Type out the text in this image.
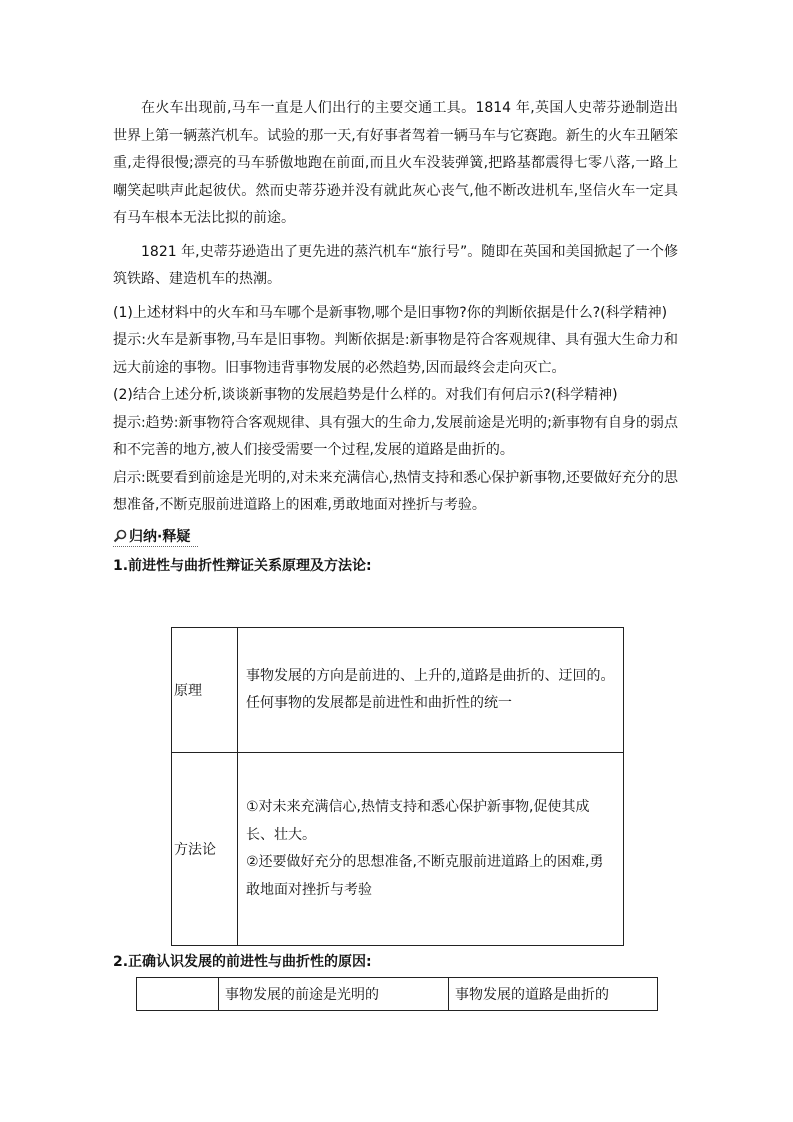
在火车出现前,马车一直是人们出行的主要交通工具。1814 年,英国人史蒂芬逊制造出世界上第一辆蒸汽机车。试验的那一天,有好事者驾着一辆马车与它赛跑。新生的火车丑陋笨重,走得很慢;漂亮的马车骄傲地跑在前面,而且火车没装弹簧,把路基都震得七零八落,一路上嘲笑起哄声此起彼伏。然而史蒂芬逊并没有就此灰心丧气,他不断改进机车,坚信火车一定具有马车根本无法比拟的前途。

1821 年,史蒂芬逊造出了更先进的蒸汽机车“旅行号”。随即在英国和美国掀起了一个修筑铁路、建造机车的热潮。

(1)上述材料中的火车和马车哪个是新事物,哪个是旧事物?你的判断依据是什么?(科学精神)

提示:火车是新事物,马车是旧事物。判断依据是:新事物是符合客观规律、具有强大生命力和远大前途的事物。旧事物违背事物发展的必然趋势,因而最终会走向灭亡。

(2)结合上述分析,谈谈新事物的发展趋势是什么样的。对我们有何启示?(科学精神)

提示:趋势:新事物符合客观规律、具有强大的生命力,发展前途是光明的;新事物有自身的弱点和不完善的地方,被人们接受需要一个过程,发展的道路是曲折的。

启示:既要看到前途是光明的,对未来充满信心,热情支持和悉心保护新事物,还要做好充分的思想准备,不断克服前进道路上的困难,勇敢地面对挫折与考验。

归纳·释疑

1.前进性与曲折性辩证关系原理及方法论:

2.正确认识发展的前进性与曲折性的原因:

原理	事物发展的方向是前进的、上升的,道路是曲折的、迂回的。
任何事物的发展都是前进性和曲折性的统一

方法论	①对未来充满信心,热情支持和悉心保护新事物,促使其成长、壮大。
②还要做好充分的思想准备,不断克服前进道路上的困难,勇敢地面对挫折与考验
	事物发展的前途是光明的	事物发展的道路是曲折的
